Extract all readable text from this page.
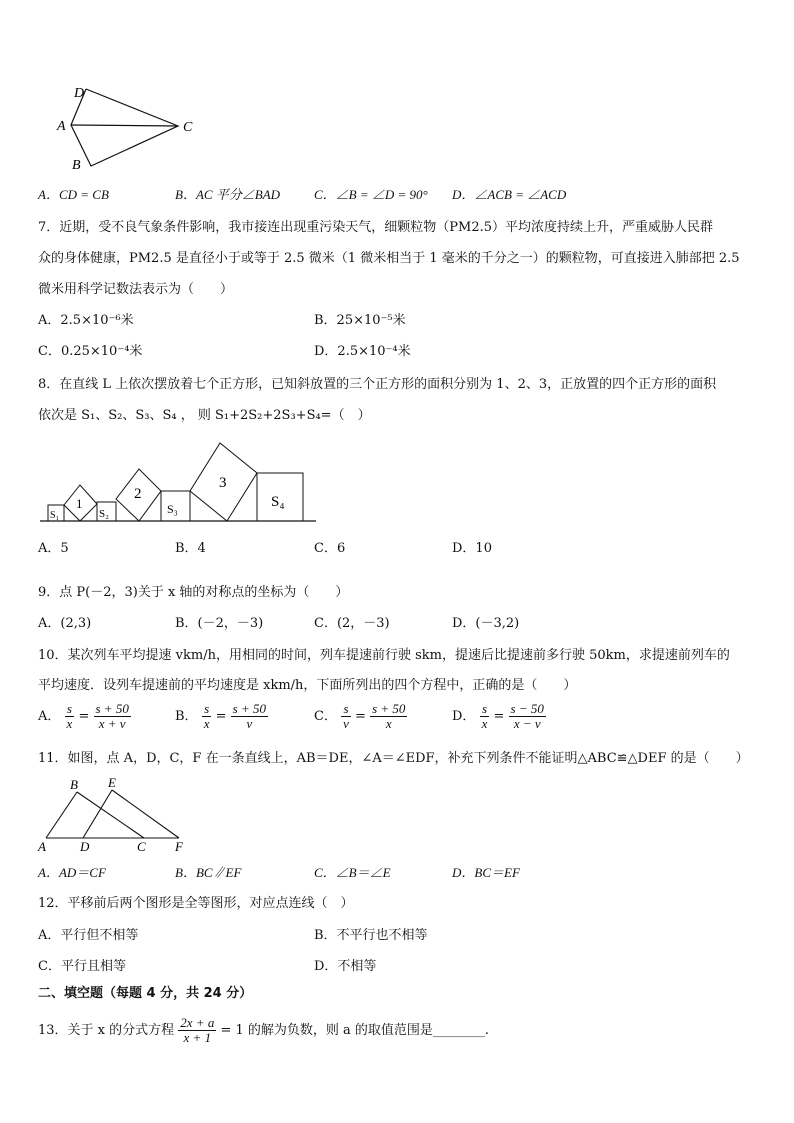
D
A	C
B
A．CD = CB	B．AC 平分∠BAD	C．∠B = ∠D = 90° D．∠ACB = ∠ACD
7．近期，受不良气象条件影响，我市接连出现重污染天气，细颗粒物（PM2.5）平均浓度持续上升，严重威胁人民群
众的身体健康，PM2.5 是直径小于或等于 2.5 微米（1 微米相当于 1 毫米的千分之一）的颗粒物，可直接进入肺部把 2.5
微米用科学记数法表示为（　　）
A．2.5×10⁻⁶米	B．25×10⁻⁵米
C．0.25×10⁻⁴米	D．2.5×10⁻⁴米
8．在直线 L 上依次摆放着七个正方形，已知斜放置的三个正方形的面积分别为 1、2、3，正放置的四个正方形的面积
依次是 S₁、S₂、S₃、S₄ ， 则 S₁+2S₂+2S₃+S₄=（　）
S₁
1
S₂
2
S₃
3
S₄
A．5	B．4	C．6	D．10
9．点 P(－2，3)关于 x 轴的对称点的坐标为（　　）
A．(2,3)	B．(－2，－3)	C．(2，－3)	D．(－3,2)
10．某次列车平均提速 vkm/h，用相同的时间，列车提速前行驶 skm，提速后比提速前多行驶 50km，求提速前列车的
平均速度．设列车提速前的平均速度是 xkm/h，下面所列出的四个方程中，正确的是（　　）
A． $\frac{s}{x} = \frac{s + 50}{x + v}$	B． $\frac{s}{x} = \frac{s + 50}{v}$	C． $\frac{s}{v} = \frac{s + 50}{x}$	D． $\frac{s}{x} = \frac{s - 50}{x - v}$
11．如图，点 A，D，C，F 在一条直线上，AB＝DE，∠A＝∠EDF，补充下列条件不能证明△ABC≌△DEF 的是（　　）
B E
A	D	C F
A．AD＝CF	B．BC∥EF	C．∠B＝∠E	D．BC＝EF
12．平移前后两个图形是全等图形，对应点连线（　）
A．平行但不相等	B．不平行也不相等
C．平行且相等	D．不相等
二、填空题（每题 4 分，共 24 分）
13．关于 x 的分式方程 $\frac{2x + a}{x + 1} = 1$ 的解为负数，则 a 的取值范围是________.
